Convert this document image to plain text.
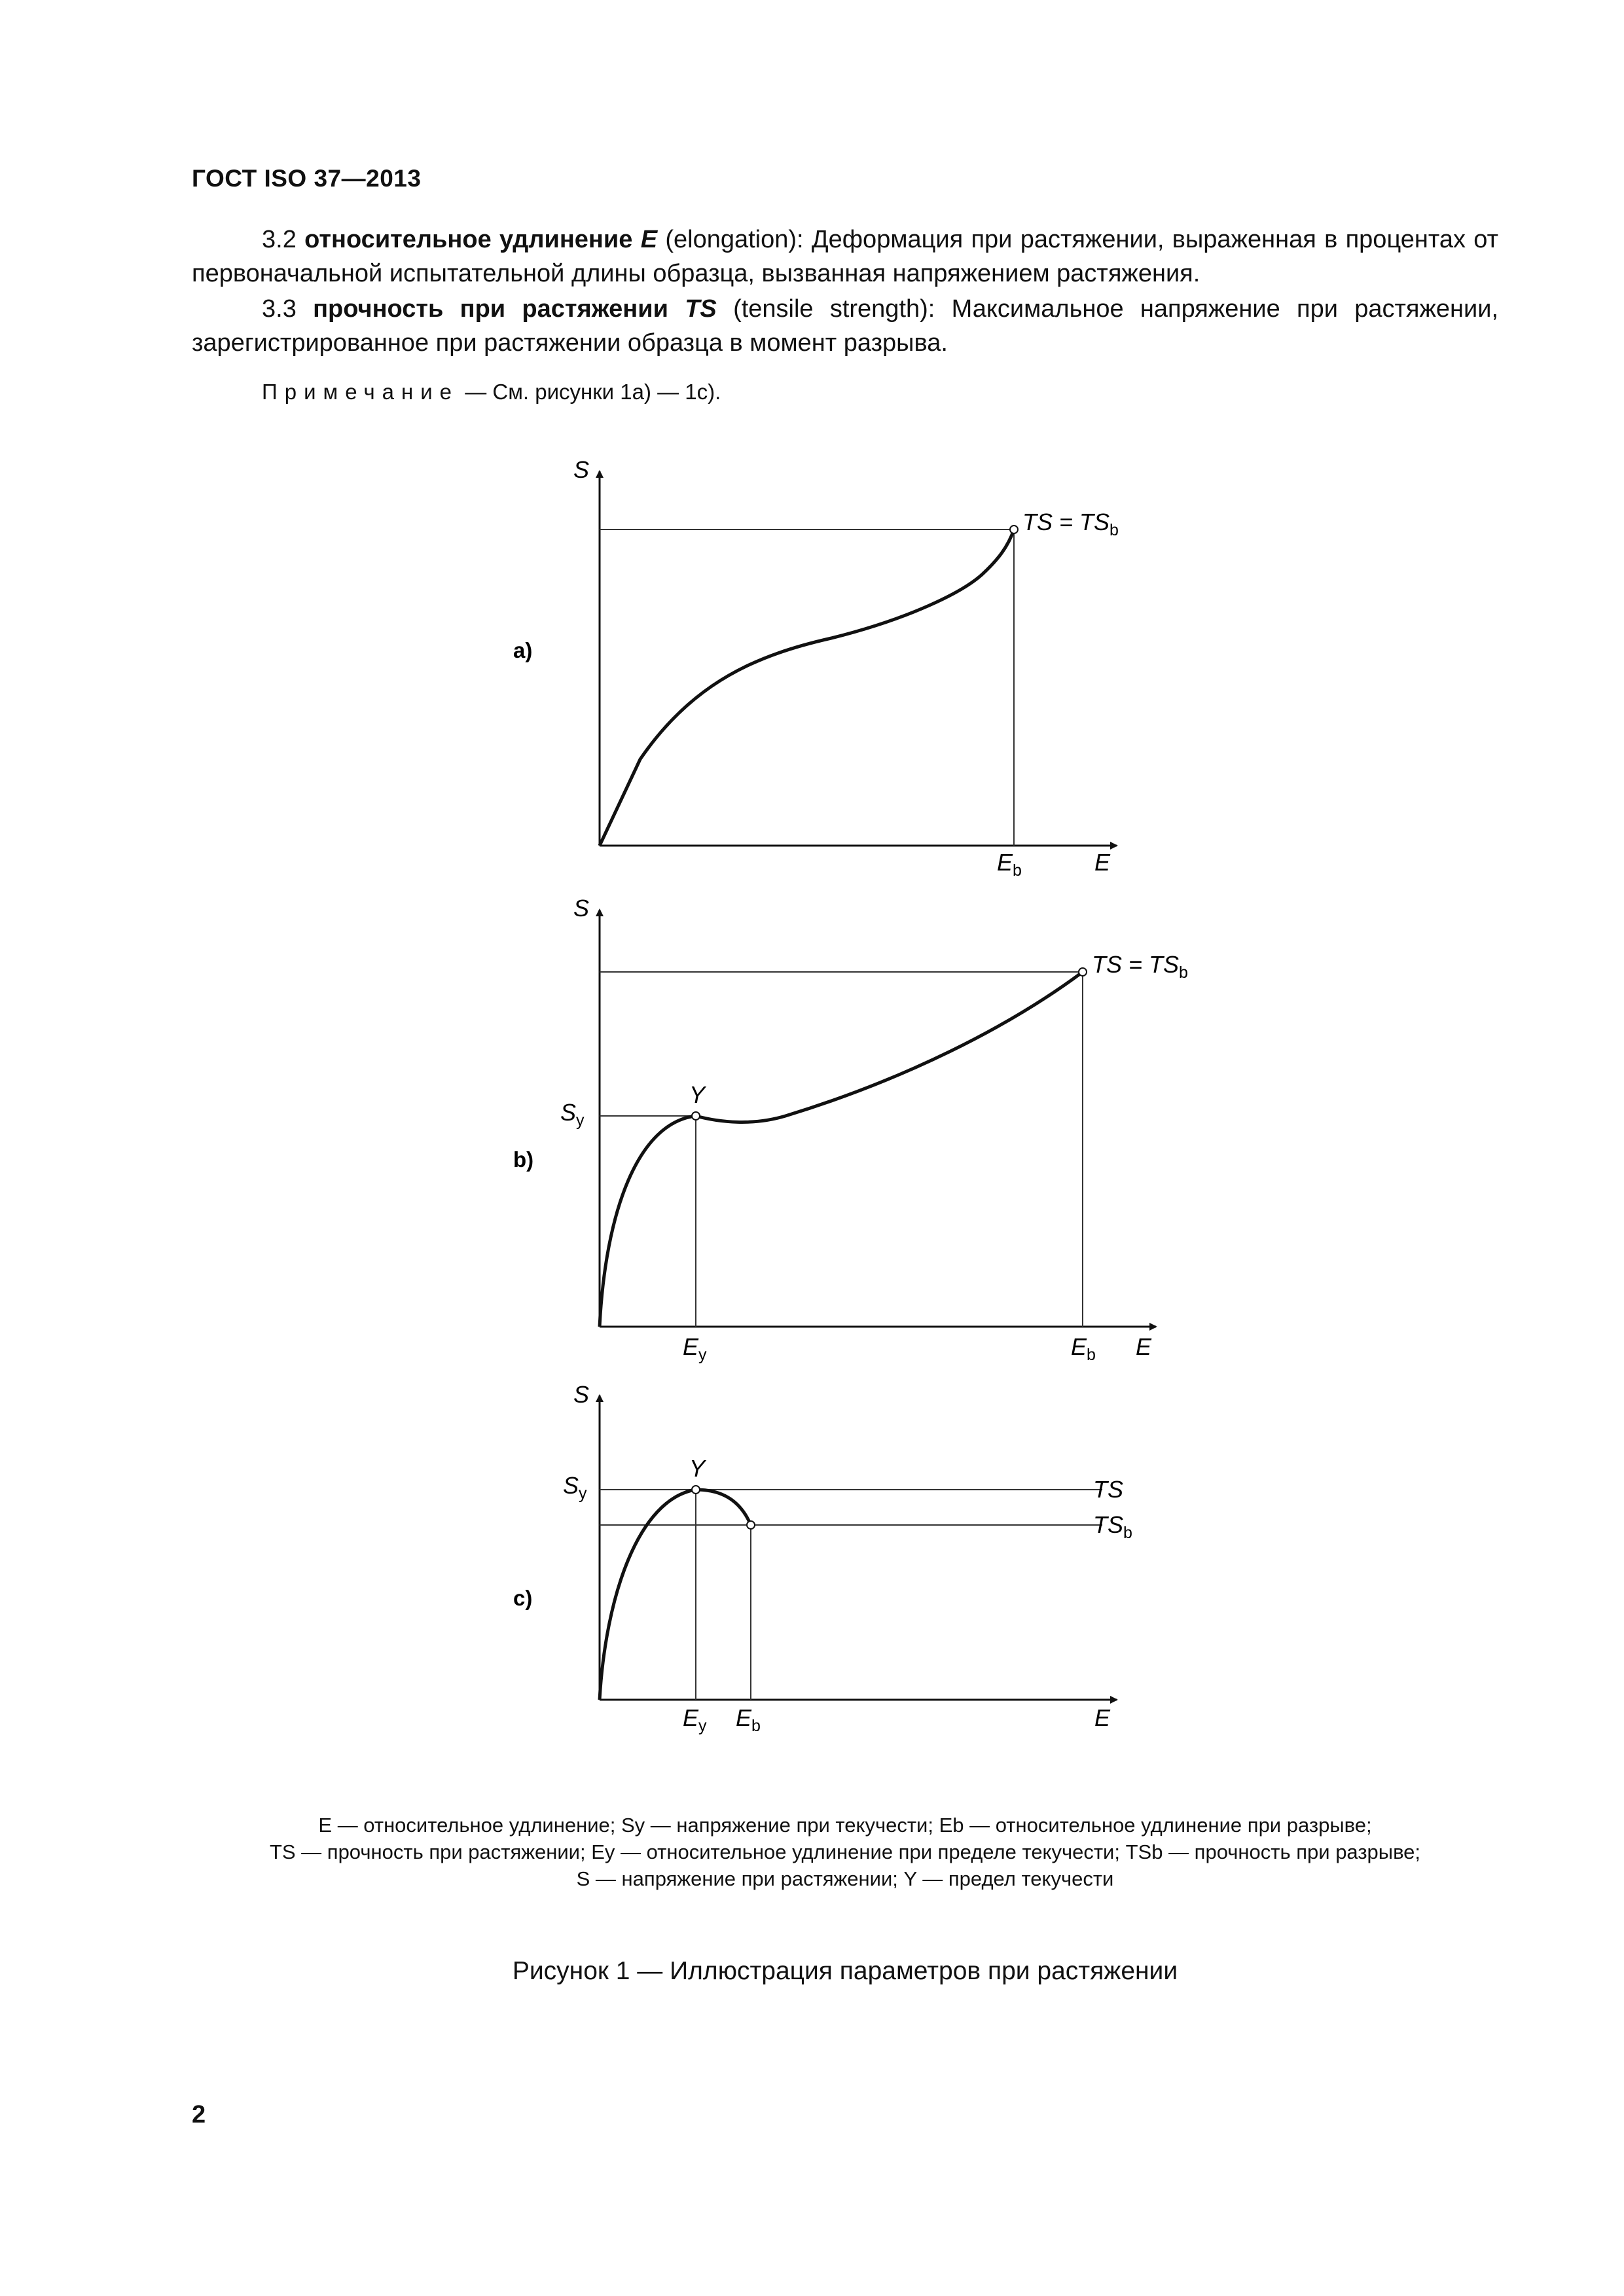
ГОСТ ISO 37—2013

3.2 относительное удлинение E (elongation): Деформация при растяжении, выраженная в процентах от первоначальной испытательной длины образца, вызванная напряжением растяжения.

3.3 прочность при растяжении TS (tensile strength): Максимальное напряжение при растяжении, зарегистрированное при растяжении образца в момент разрыва.

Примечание — См. рисунки 1а) — 1с).
a)
S
E
$E_b$
TS = $TS_b$
b)
S
E
Y
$S_y$
$E_y$	$E_b$
TS = $TS_b$
c)
S
E
Y
$S_y$
$E_y$ $E_b$
TS
$TS_b$
E — относительное удлинение; Sy — напряжение при текучести; Eb — относительное удлинение при разрыве;
TS — прочность при растяжении; Ey — относительное удлинение при пределе текучести; TSb — прочность при разрыве;
S — напряжение при растяжении; Y — предел текучести
Рисунок 1 — Иллюстрация параметров при растяжении
2
